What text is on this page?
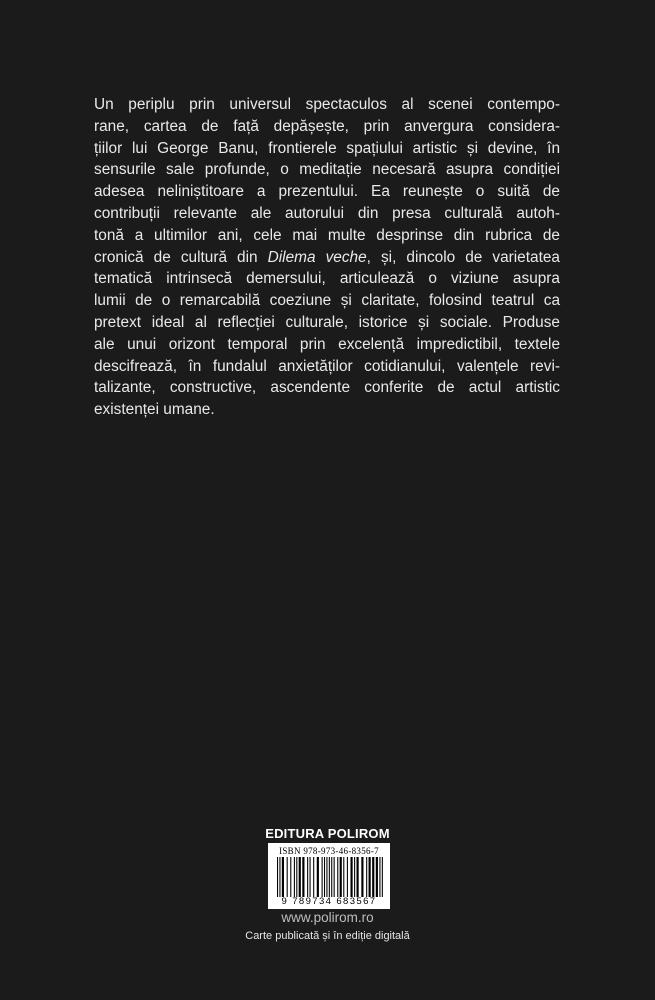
Un periplu prin universul spectaculos al scenei contempo-
rane, cartea de față depășește, prin anvergura considera-
țiilor lui George Banu, frontierele spațiului artistic și devine, în
sensurile sale profunde, o meditație necesară asupra condiției
adesea neliniștitoare a prezentului. Ea reunește o suită de
contribuții relevante ale autorului din presa culturală autoh-
tonă a ultimilor ani, cele mai multe desprinse din rubrica de
cronică de cultură din Dilema veche, și, dincolo de varietatea
tematică intrinsecă demersului, articulează o viziune asupra
lumii de o remarcabilă coeziune și claritate, folosind teatrul ca
pretext ideal al reflecției culturale, istorice și sociale. Produse
ale unui orizont temporal prin excelență impredictibil, textele
descifrează, în fundalul anxietăților cotidianului, valențele revi-
talizante, constructive, ascendente conferite de actul artistic
existenței umane.
EDITURA POLIROM
ISBN 978-973-46-8356-7
9 789734 683567
www.polirom.ro
Carte publicată și în ediție digitală
